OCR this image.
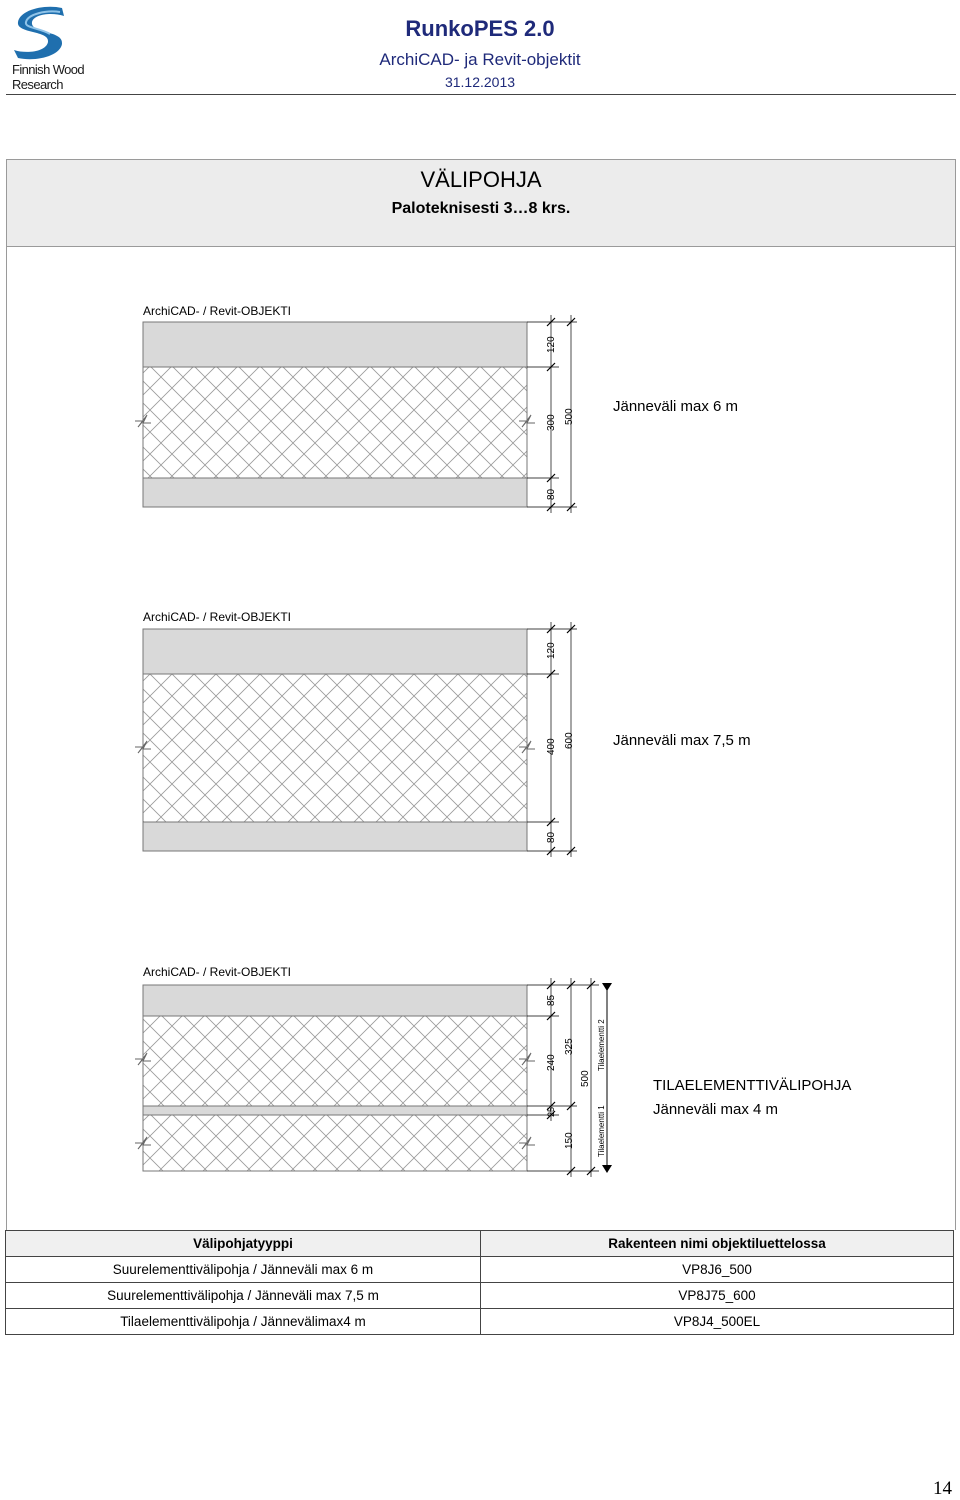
Finnish Wood
Research
RunkoPES 2.0
ArchiCAD- ja Revit-objektit
31.12.2013
VÄLIPOHJA
Paloteknisesti 3…8 krs.
ArchiCAD- / Revit-OBJEKTI
120
300
80
500
Jänneväli max 6 m
ArchiCAD- / Revit-OBJEKTI
120
400
80
600	Jänneväli max 7,5 m
ArchiCAD- / Revit-OBJEKTI
85
240
25
325
150
500
Tilaelementti 2
Tilaelementti 1
TILAELEMENTTIVÄLIPOHJA
Jänneväli max 4 m
Välipohjatyyppi	Rakenteen nimi objektiluettelossa
Suurelementtivälipohja / Jänneväli max 6 m	VP8J6_500
Suurelementtivälipohja / Jänneväli max 7,5 m	VP8J75_600
Tilaelementtivälipohja / Jännevälimax4 m	VP8J4_500EL
14
